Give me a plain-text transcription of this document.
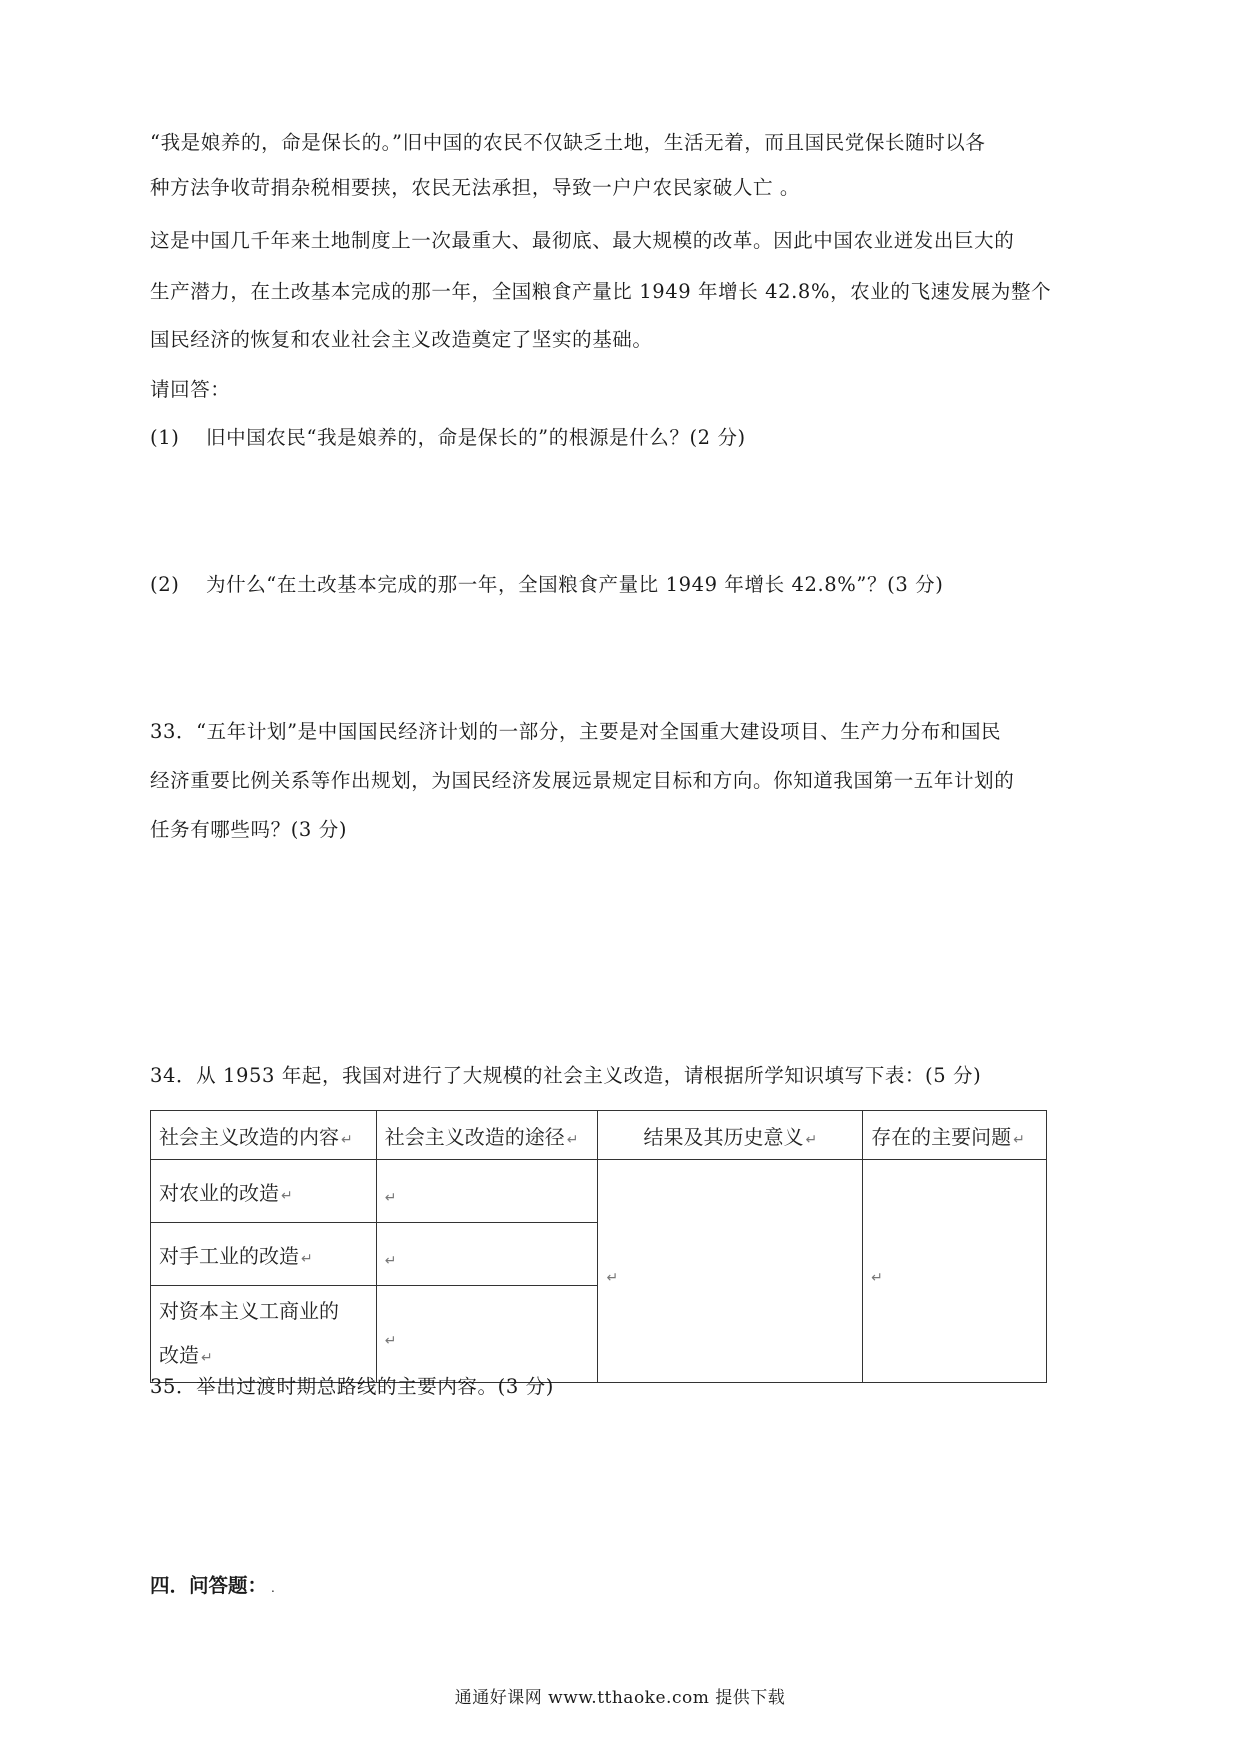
“我是娘养的，命是保长的。”旧中国的农民不仅缺乏土地，生活无着，而且国民党保长随时以各
种方法争收苛捐杂税相要挟，农民无法承担，导致一户户农民家破人亡 。
这是中国几千年来土地制度上一次最重大、最彻底、最大规模的改革。因此中国农业迸发出巨大的
生产潜力，在土改基本完成的那一年，全国粮食产量比 1949 年增长 42.8%，农业的飞速发展为整个
国民经济的恢复和农业社会主义改造奠定了坚实的基础。
请回答：
(1) 旧中国农民“我是娘养的，命是保长的”的根源是什么？(2 分)
(2) 为什么“在土改基本完成的那一年，全国粮食产量比 1949 年增长 42.8%”？(3 分)
33．“五年计划”是中国国民经济计划的一部分，主要是对全国重大建设项目、生产力分布和国民
经济重要比例关系等作出规划，为国民经济发展远景规定目标和方向。你知道我国第一五年计划的
任务有哪些吗？(3 分)
34．从 1953 年起，我国对进行了大规模的社会主义改造，请根据所学知识填写下表：(5 分)
社会主义改造的内容 ↵	社会主义改造的途径 ↵	结果及其历史意义 ↵	存在的主要问题 ↵
对农业的改造 ↵	↵	↵	↵
对手工业的改造 ↵	↵		
对资本主义工商业的
改造 ↵	↵		
35．举出过渡时期总路线的主要内容。(3 分)
四．问答题： .
通通好课网 www.tthaoke.com 提供下载
